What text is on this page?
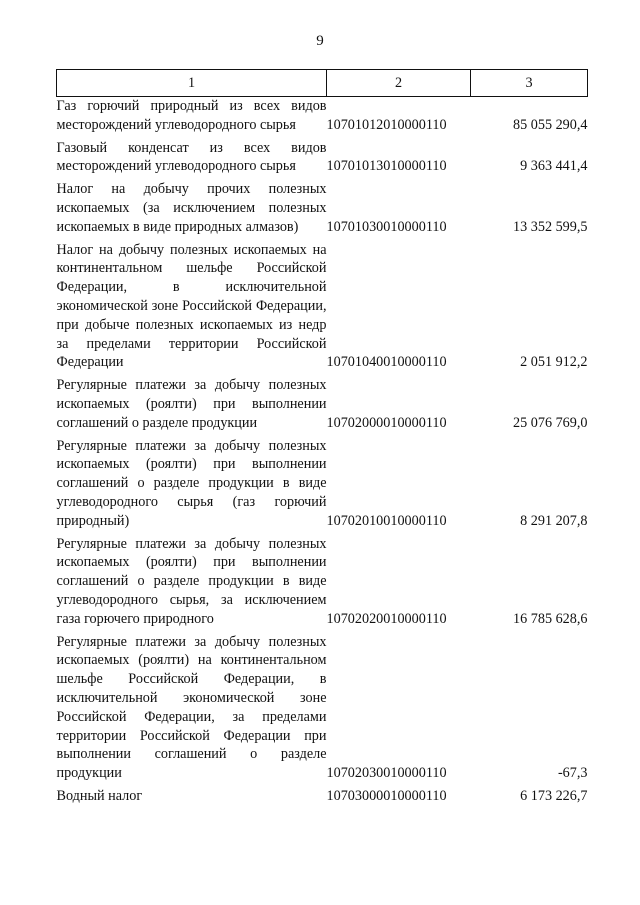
9
1	2	3
Газ горючий природный из всех видов месторождений углеводородного сырья	10701012010000110	85 055 290,4
Газовый конденсат из всех видов месторождений углеводородного сырья	10701013010000110	9 363 441,4
Налог на добычу прочих полезных ископаемых (за исключением полезных ископаемых в виде природных алмазов)	10701030010000110	13 352 599,5
Налог на добычу полезных ископаемых на континентальном шельфе Российской Федерации, в исключительной экономической зоне Российской Федерации, при добыче полезных ископаемых из недр за пределами территории Российской Федерации	10701040010000110	2 051 912,2
Регулярные платежи за добычу полезных ископаемых (роялти) при выполнении соглашений о разделе продукции	10702000010000110	25 076 769,0
Регулярные платежи за добычу полезных ископаемых (роялти) при выполнении соглашений о разделе продукции в виде углеводородного сырья (газ горючий природный)	10702010010000110	8 291 207,8
Регулярные платежи за добычу полезных ископаемых (роялти) при выполнении соглашений о разделе продукции в виде углеводородного сырья, за исключением газа горючего природного	10702020010000110	16 785 628,6
Регулярные платежи за добычу полезных ископаемых (роялти) на континентальном шельфе Российской Федерации, в исключительной экономической зоне Российской Федерации, за пределами территории Российской Федерации при выполнении соглашений о разделе продукции	10702030010000110	-67,3
Водный налог	10703000010000110	6 173 226,7
